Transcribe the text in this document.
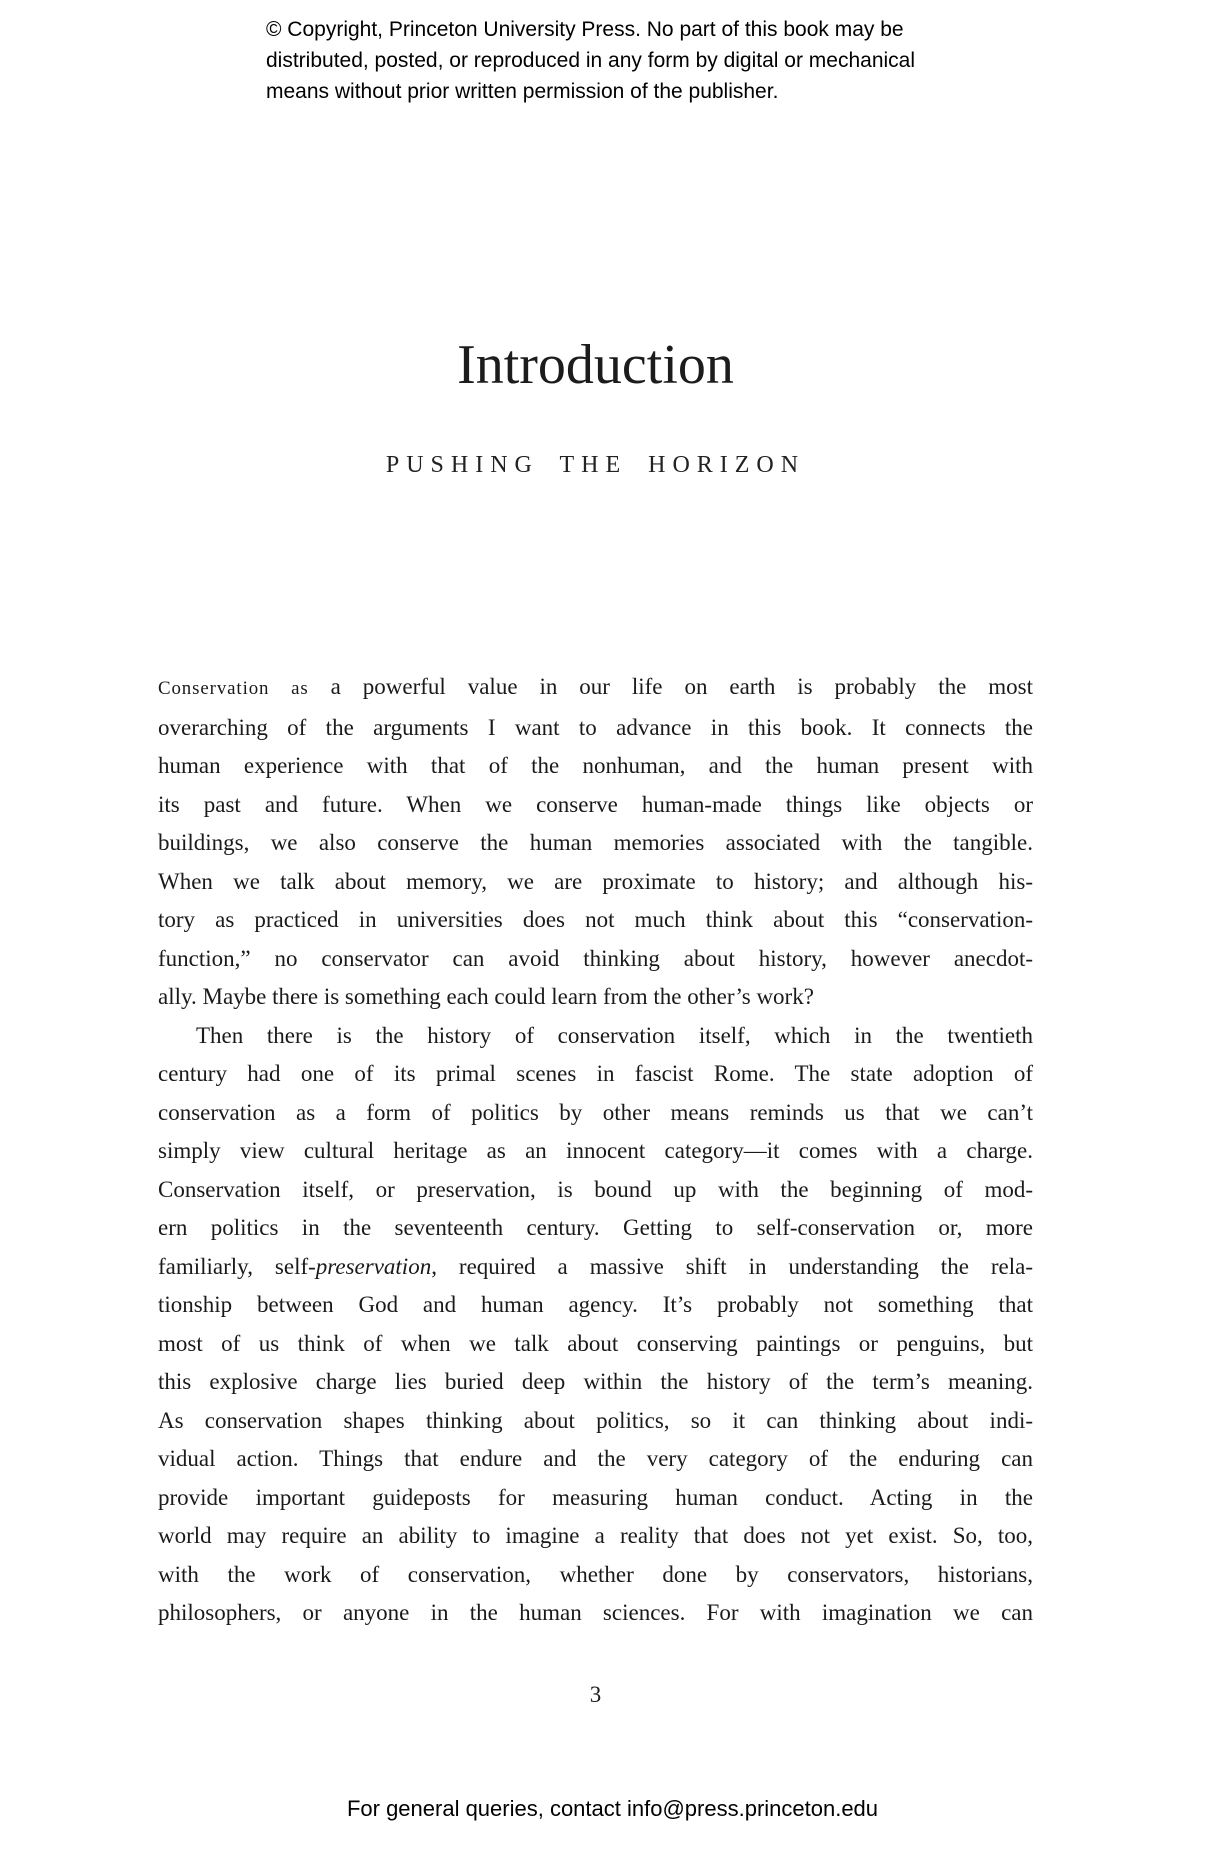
© Copyright, Princeton University Press. No part of this book may be
distributed, posted, or reproduced in any form by digital or mechanical
means without prior written permission of the publisher.
Introduction
PUSHING THE HORIZON
Conservation as a powerful value in our life on earth is probably the most
overarching of the arguments I want to advance in this book. It connects the
human experience with that of the nonhuman, and the human present with
its past and future. When we conserve human-made things like objects or
buildings, we also conserve the human memories associated with the tangible.
When we talk about memory, we are proximate to history; and although his-
tory as practiced in universities does not much think about this “conservation-
function,” no conservator can avoid thinking about history, however anecdot-
ally. Maybe there is something each could learn from the other’s work?
Then there is the history of conservation itself, which in the twentieth
century had one of its primal scenes in fascist Rome. The state adoption of
conservation as a form of politics by other means reminds us that we can’t
simply view cultural heritage as an innocent category—it comes with a charge.
Conservation itself, or preservation, is bound up with the beginning of mod-
ern politics in the seventeenth century. Getting to self-conservation or, more
familiarly, self-preservation, required a massive shift in understanding the rela-
tionship between God and human agency. It’s probably not something that
most of us think of when we talk about conserving paintings or penguins, but
this explosive charge lies buried deep within the history of the term’s meaning.
As conservation shapes thinking about politics, so it can thinking about indi-
vidual action. Things that endure and the very category of the enduring can
provide important guideposts for measuring human conduct. Acting in the
world may require an ability to imagine a reality that does not yet exist. So, too,
with the work of conservation, whether done by conservators, historians,
philosophers, or anyone in the human sciences. For with imagination we can
3
For general queries, contact info@press.princeton.edu
